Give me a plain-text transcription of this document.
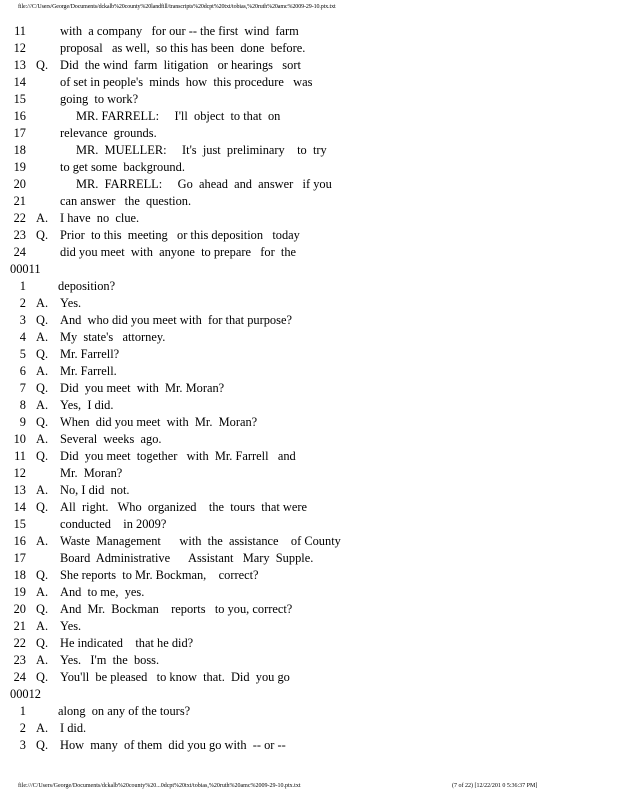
file:///C/Users/George/Documents/dckalb%20county%20landfill/transcripts%20dcpt%20txt/tobias,%20ruth%20amc%2009-29-10.ptx.txt
11	with  a company   for our -- the first  wind  farm
12	proposal   as well,  so this has been  done  before.
13 Q. Did  the wind  farm  litigation   or hearings   sort
14	of set in people's  minds  how  this procedure   was
15	going  to work?
16	MR. FARRELL:     I'll  object  to that  on
17	relevance  grounds.
18	MR.  MUELLER:     It's  just  preliminary    to  try
19	to get some  background.
20	MR.  FARRELL:     Go  ahead  and  answer   if you
21	can answer   the  question.
22 A. I have  no  clue.
23 Q. Prior  to this  meeting   or this deposition   today
24	did you meet  with  anyone  to prepare   for  the
00011
1	deposition?
2 A. Yes.
3 Q. And  who did you meet with  for that purpose?
4 A. My  state's   attorney.
5 Q. Mr. Farrell?
6 A. Mr. Farrell.
7 Q. Did  you meet  with  Mr. Moran?
8 A. Yes,  I did.
9 Q. When  did you meet  with  Mr.  Moran?
10 A. Several  weeks  ago.
11 Q. Did  you meet  together   with  Mr. Farrell   and
12	Mr.  Moran?
13 A. No, I did  not.
14 Q. All  right.   Who  organized    the  tours  that were
15	conducted    in 2009?
16 A. Waste  Management      with  the  assistance    of County
17	Board  Administrative      Assistant   Mary  Supple.
18 Q. She reports  to Mr. Bockman,    correct?
19 A. And  to me,  yes.
20 Q. And  Mr.  Bockman    reports   to you, correct?
21 A. Yes.
22 Q. He indicated    that he did?
23 A. Yes.   I'm  the  boss.
24 Q. You'll  be pleased   to know  that.  Did  you go
00012
1	along  on any of the tours?
2 A. I did.
3 Q. How  many  of them  did you go with  -- or --
file:///C/Users/George/Documents/dckalb%20county%20...0dcpt%20txt/tobias,%20ruth%20amc%2009-29-10.ptx.txt	(7 of 22) [12/22/201 0 5:36:37 PM]
